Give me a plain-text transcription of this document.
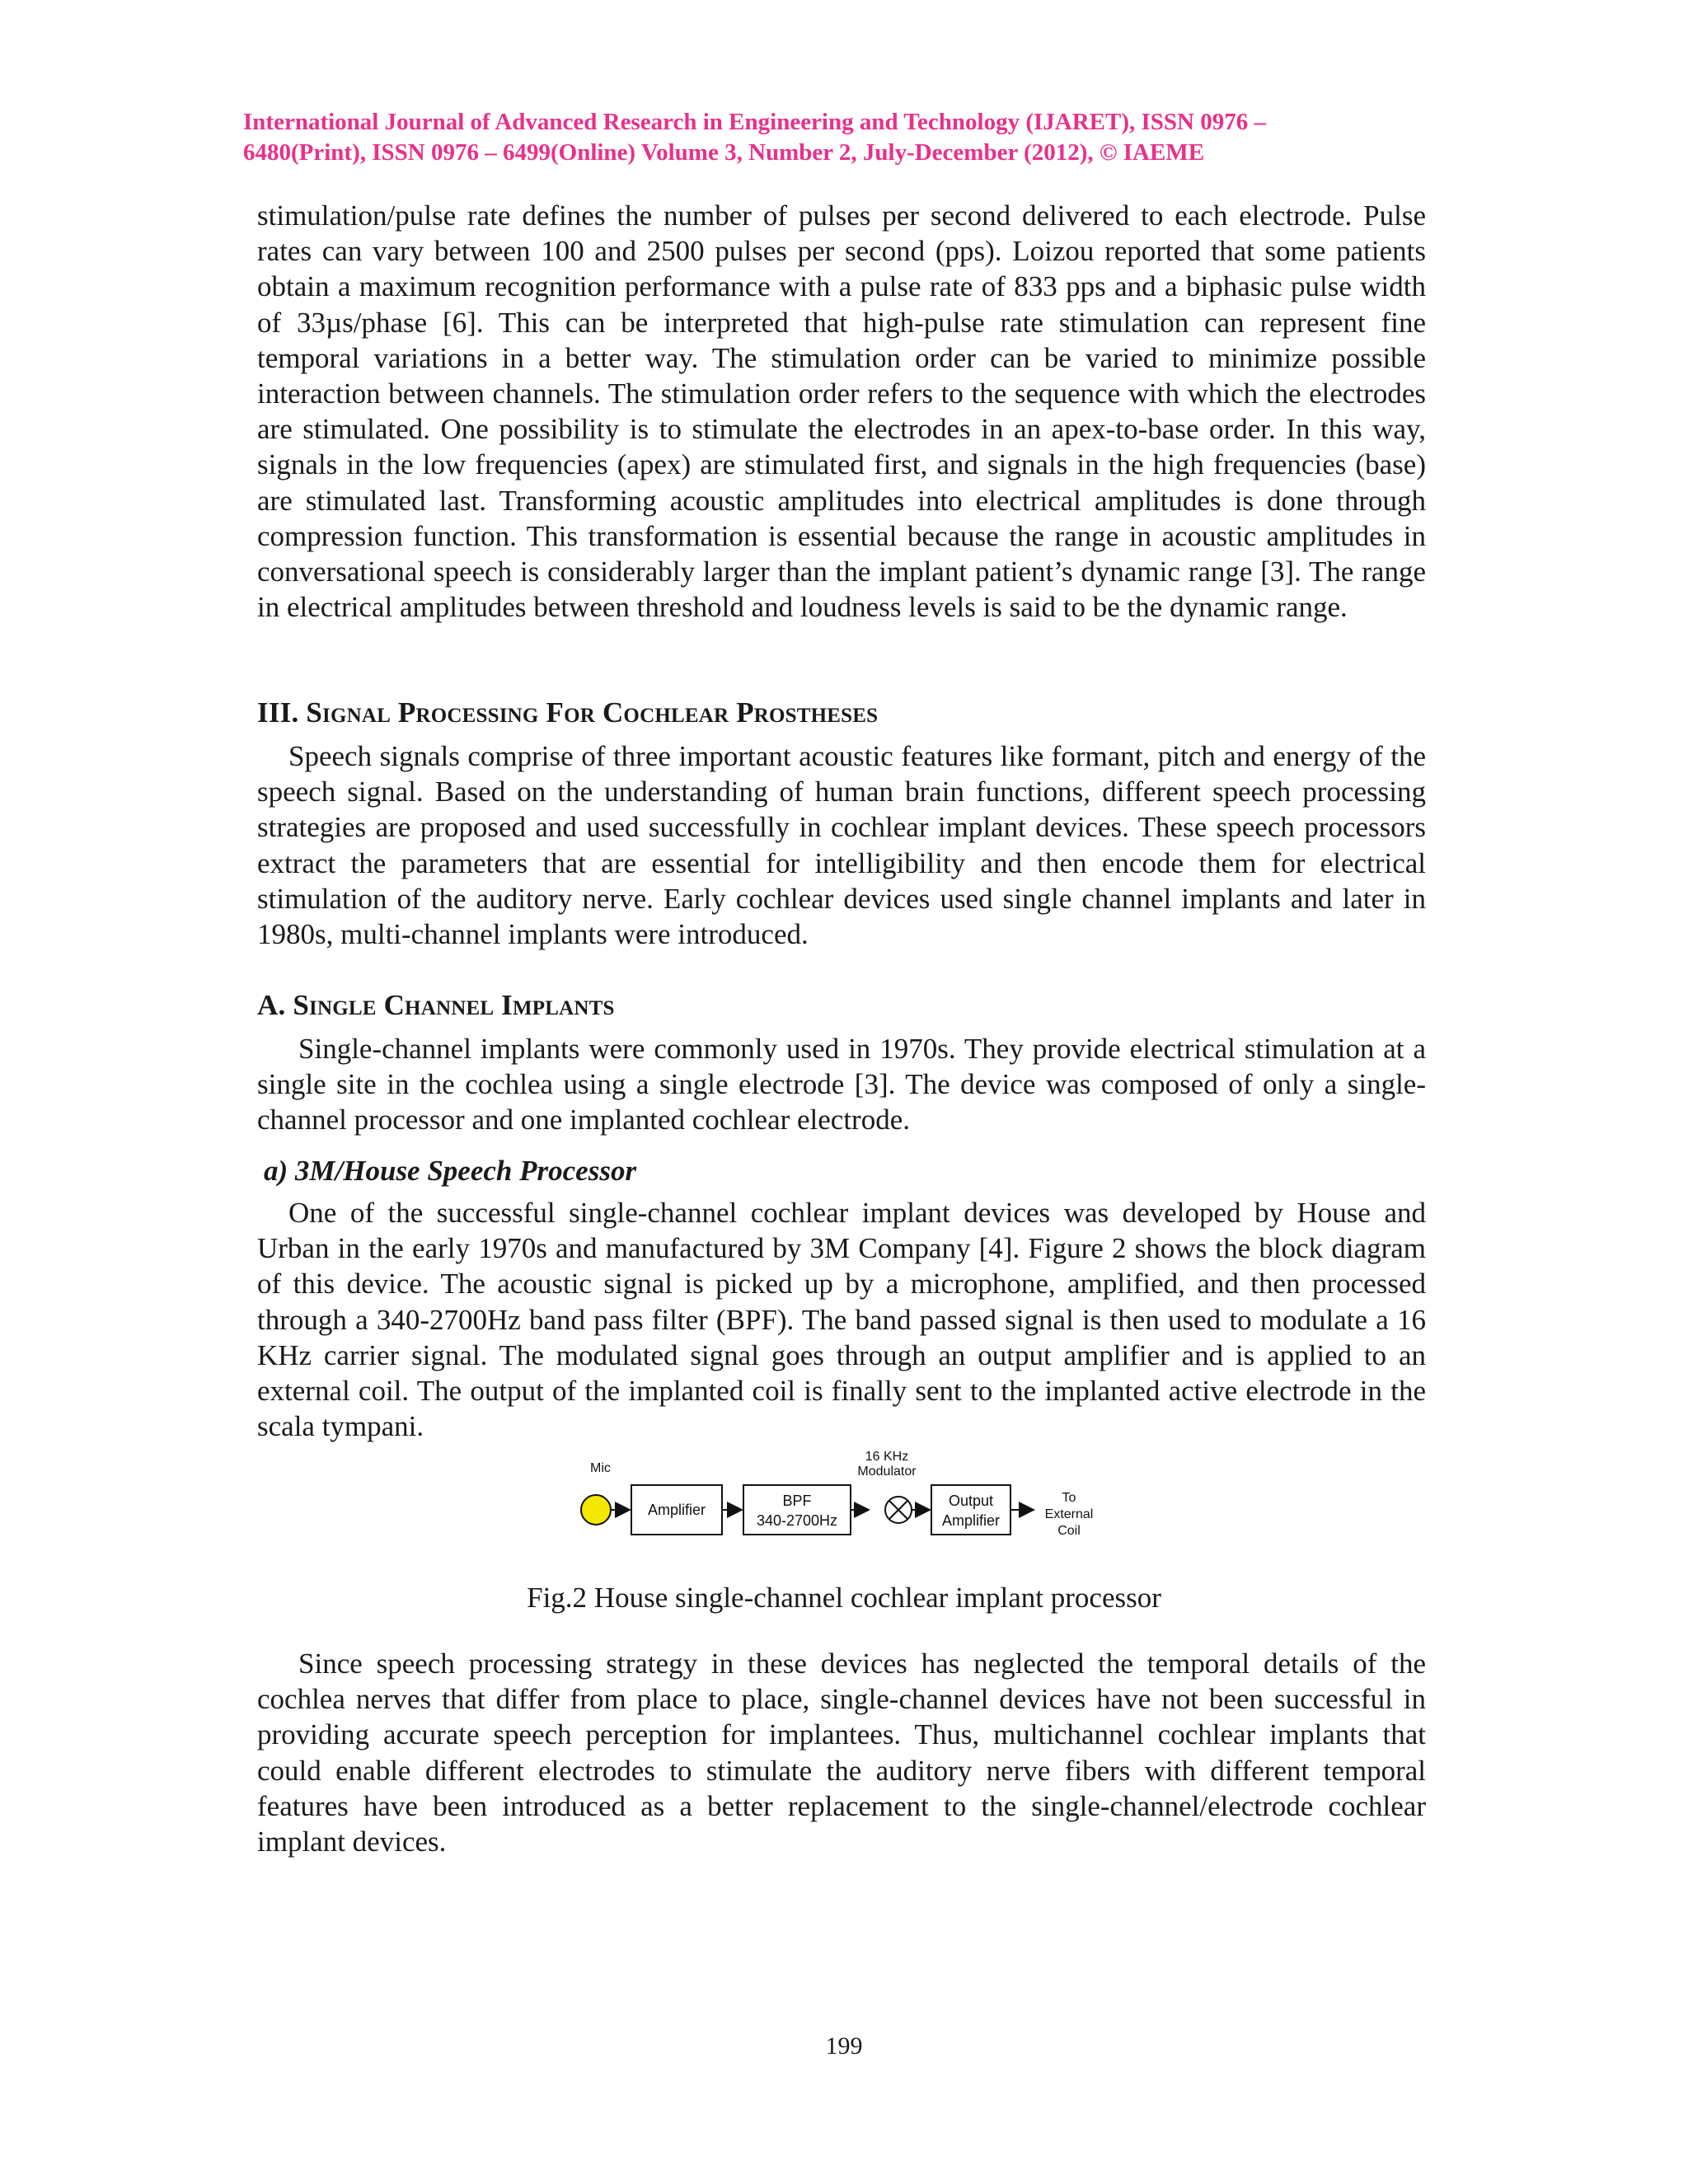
International Journal of Advanced Research in Engineering and Technology (IJARET), ISSN 0976 –
6480(Print), ISSN 0976 – 6499(Online) Volume 3, Number 2, July-December (2012), © IAEME

stimulation/pulse rate defines the number of pulses per second delivered to each electrode. Pulse rates can vary between 100 and 2500 pulses per second (pps). Loizou reported that some patients obtain a maximum recognition performance with a pulse rate of 833 pps and a biphasic pulse width of 33µs/phase [6]. This can be interpreted that high-pulse rate stimulation can represent fine temporal variations in a better way. The stimulation order can be varied to minimize possible interaction between channels. The stimulation order refers to the sequence with which the electrodes are stimulated. One possibility is to stimulate the electrodes in an apex-to-base order. In this way, signals in the low frequencies (apex) are stimulated first, and signals in the high frequencies (base) are stimulated last. Transforming acoustic amplitudes into electrical amplitudes is done through compression function. This transformation is essential because the range in acoustic amplitudes in conversational speech is considerably larger than the implant patient’s dynamic range [3]. The range in electrical amplitudes between threshold and loudness levels is said to be the dynamic range.

III. Signal Processing For Cochlear Prostheses

Speech signals comprise of three important acoustic features like formant, pitch and energy of the speech signal. Based on the understanding of human brain functions, different speech processing strategies are proposed and used successfully in cochlear implant devices. These speech processors extract the parameters that are essential for intelligibility and then encode them for electrical stimulation of the auditory nerve. Early cochlear devices used single channel implants and later in 1980s, multi-channel implants were introduced.

A. Single Channel Implants

Single-channel implants were commonly used in 1970s. They provide electrical stimulation at a single site in the cochlea using a single electrode [3]. The device was composed of only a single-channel processor and one implanted cochlear electrode.

a) 3M/House Speech Processor

One of the successful single-channel cochlear implant devices was developed by House and Urban in the early 1970s and manufactured by 3M Company [4]. Figure 2 shows the block diagram of this device. The acoustic signal is picked up by a microphone, amplified, and then processed through a 340-2700Hz band pass filter (BPF). The band passed signal is then used to modulate a 16 KHz carrier signal. The modulated signal goes through an output amplifier and is applied to an external coil. The output of the implanted coil is finally sent to the implanted active electrode in the scala tympani.

Mic
Amplifier
BPF
340-2700Hz
16 KHz
Modulator
Output
Amplifier
To
External
Coil
Fig.2 House single-channel cochlear implant processor

Since speech processing strategy in these devices has neglected the temporal details of the cochlea nerves that differ from place to place, single-channel devices have not been successful in providing accurate speech perception for implantees. Thus, multichannel cochlear implants that could enable different electrodes to stimulate the auditory nerve fibers with different temporal features have been introduced as a better replacement to the single-channel/electrode cochlear implant devices.

199
